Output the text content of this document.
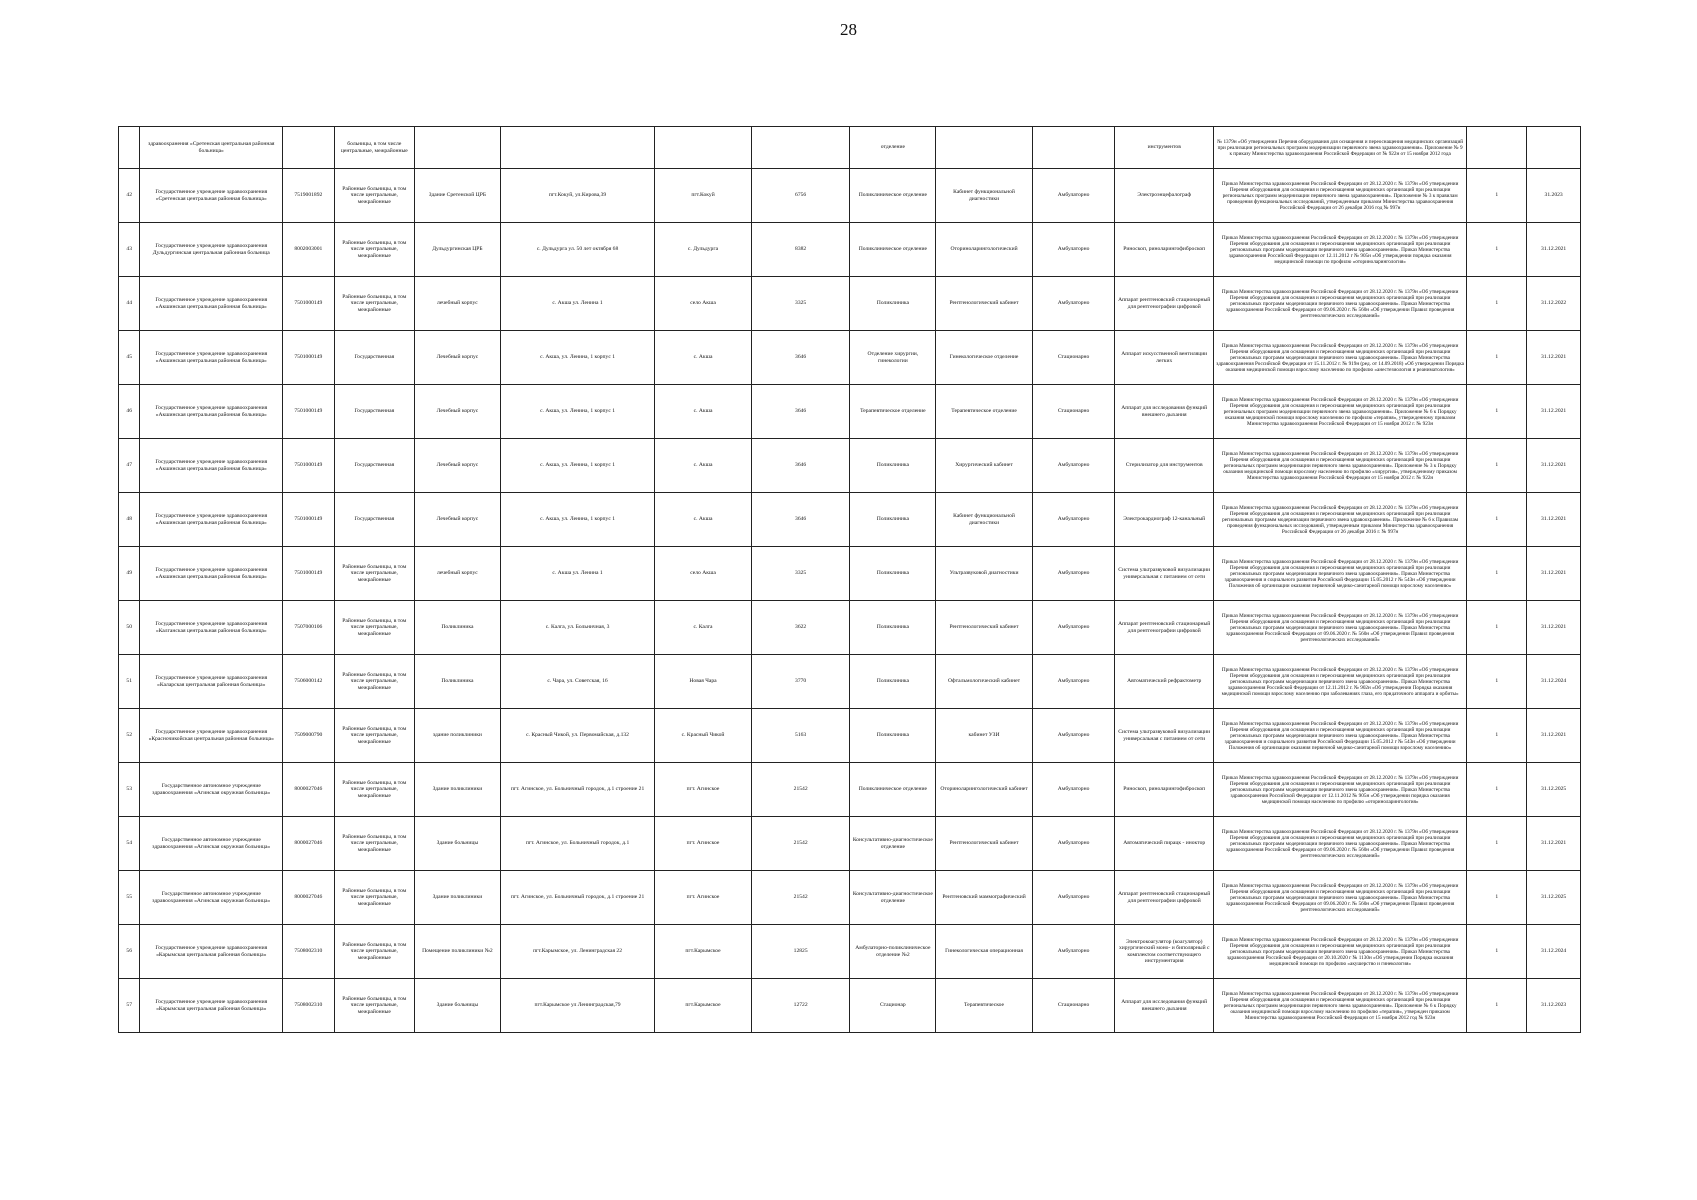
28
	здравоохранения «Сретенская центральная районная больница»		больницы, в том числе центральные, межрайонные					отделение			инструментов	№ 1379н «Об утверждении Перечня оборудования для оснащения и переоснащения медицинских организаций при реализации региональных программ модернизации первичного звена здравоохранения». Приложение № 9 к приказу Министерства здравоохранения Российской Федерации от № 922н от 15 ноября 2012 года		
42	Государственное учреждение здравоохранения «Сретенская центральная районная больница»	7519001892	Районные больницы, в том числе центральные, межрайонные	Здание Сретенской ЦРБ	пгт.Кокуй, ул.Кирова,39	пгт.Кокуй	6756	Поликлиническое отделение	Кабинет функциональной диагностики	Амбулаторно	Электроэнцефалограф	Приказ Министерства здравоохранения Российской Федерации от 28.12.2020 г. № 1379н «Об утверждении Перечня оборудования для оснащения и переоснащения медицинских организаций при реализации региональных программ модернизации первичного звена здравоохранения». Приложение № 3 к правилам проведения функциональных исследований, утвержденным приказом Министерства здравоохранения Российской Федерации от 26 декабря 2016 год № 997н	1	31.2023
43	Государственное учреждение здравоохранения Дульдургинская центральная районная больница	8002003001	Районные больницы, в том числе центральные, межрайонные	Дульдургинская ЦРБ	с. Дульдурга ул. 50 лет октября 68	с. Дульдурга	8382	Поликлиническое отделение	Оториноларингологический	Амбулаторно	Риноскоп, риноларингофиброскоп	Приказ Министерства здравоохранения Российской Федерации от 28.12.2020 г. № 1379н «Об утверждении Перечня оборудования для оснащения и переоснащения медицинских организаций при реализации региональных программ модернизации первичного звена здравоохранения». Приказ Министерства здравоохранения Российской Федерации от 12.11.2012 г № 905н «Об утверждении порядка оказания медицинской помощи по профилю «оториноларингология»	1	31.12.2021
44	Государственное учреждение здравоохранения «Акшинская центральная районная больница»	7501000149	Районные больницы, в том числе центральные, межрайонные	лечебный корпус	с. Акша ул. Ленина 1	село Акша	3325	Поликлиника	Рентгенологический кабинет	Амбулаторно	Аппарат рентгеновский стационарный для рентгенографии цифровой	Приказ Министерства здравоохранения Российской Федерации от 28.12.2020 г. № 1379н «Об утверждении Перечня оборудования для оснащения и переоснащения медицинских организаций при реализации региональных программ модернизации первичного звена здравоохранения». Приказ Министерства здравоохранения Российской Федерации от 09.06.2020 г. № 560н «Об утверждении Правил проведения рентгенологических исследований»	1	31.12.2022
45	Государственное учреждение здравоохранения «Акшинская центральная районная больница»	7501000149	Государственная	Лечебный корпус	с. Акша, ул. Ленина, 1 корпус 1	с. Акша	3646	Отделение хирургии, гинекологии	Гинекологическое отделение	Стационарно	Аппарат искусственной вентиляции легких	Приказ Министерства здравоохранения Российской Федерации от 28.12.2020 г. № 1379н «Об утверждении Перечня оборудования для оснащения и переоснащения медицинских организаций при реализации региональных программ модернизации первичного звена здравоохранения». Приказ Министерства здравоохранения Российской Федерации от 15.11.2012 г. № 919н (ред. от 14.09.2018) «Об утверждении Порядка оказания медицинской помощи взрослому населению по профилю «анестезиология и реаниматология»	1	31.12.2021
46	Государственное учреждение здравоохранения «Акшинская центральная районная больница»	7501000149	Государственная	Лечебный корпус	с. Акша, ул. Ленина, 1 корпус 1	с. Акша	3646	Терапевтическое отделение	Терапевтическое отделение	Стационарно	Аппарат для исследования функций внешнего дыхания	Приказ Министерства здравоохранения Российской Федерации от 28.12.2020 г. № 1379н «Об утверждении Перечня оборудования для оснащения и переоснащения медицинских организаций при реализации региональных программ модернизации первичного звена здравоохранения». Приложение № 6 к Порядку оказания медицинской помощи взрослому населению по профилю «терапия», утвержденному приказом Министерства здравоохранения Российской Федерации от 15 ноября 2012 г. № 923н	1	31.12.2021
47	Государственное учреждение здравоохранения «Акшинская центральная районная больница»	7501000149	Государственная	Лечебный корпус	с. Акша, ул. Ленина, 1 корпус 1	с. Акша	3646	Поликлиника	Хирургический кабинет	Амбулаторно	Стерилизатор для инструментов	Приказ Министерства здравоохранения Российской Федерации от 28.12.2020 г. № 1379н «Об утверждении Перечня оборудования для оснащения и переоснащения медицинских организаций при реализации региональных программ модернизации первичного звена здравоохранения». Приложение № 3 к Порядку оказания медицинской помощи взрослому населению по профилю «хирургия», утвержденному приказом Министерства здравоохранения Российской Федерации от 15 ноября 2012 г. № 922н	1	31.12.2021
48	Государственное учреждение здравоохранения «Акшинская центральная районная больница»	7501000149	Государственная	Лечебный корпус	с. Акша, ул. Ленина, 1 корпус 1	с. Акша	3646	Поликлиника	Кабинет функциональной диагностики	Амбулаторно	Электрокардиограф 12-канальный	Приказ Министерства здравоохранения Российской Федерации от 28.12.2020 г. № 1379н «Об утверждении Перечня оборудования для оснащения и переоснащения медицинских организаций при реализации региональных программ модернизации первичного звена здравоохранения». Приложение № 6 к Правилам проведения функциональных исследований, утвержденным приказом Министерства здравоохранения Российской Федерации от 26 декабря 2016 г. № 997н	1	31.12.2021
49	Государственное учреждение здравоохранения «Акшинская центральная районная больница»	7501000149	Районные больницы, в том числе центральные, межрайонные	лечебный корпус	с. Акша ул. Ленина 1	село Акша	3325	Поликлиника	Ультразвуковой диагностики	Амбулаторно	Система ультразвуковой визуализации универсальная с питанием от сети	Приказ Министерства здравоохранения Российской Федерации от 28.12.2020 г. № 1379н «Об утверждении Перечня оборудования для оснащения и переоснащения медицинских организаций при реализации региональных программ модернизации первичного звена здравоохранения». Приказ Министерства здравоохранения и социального развития Российской Федерации 15.05.2012 г № 543н «Об утверждении Положения об организации оказания первичной медико-санитарной помощи взрослому населению»	1	31.12.2021
50	Государственное учреждение здравоохранения «Калганская центральная районная больница»	7507000106	Районные больницы, в том числе центральные, межрайонные	Поликлиника	с. Калга, ул. Больничная, 3	с. Калга	3622	Поликлиника	Рентгенологический кабинет	Амбулаторно	Аппарат рентгеновский стационарный для рентгенографии цифровой	Приказ Министерства здравоохранения Российской Федерации от 28.12.2020 г. № 1379н «Об утверждении Перечня оборудования для оснащения и переоснащения медицинских организаций при реализации региональных программ модернизации первичного звена здравоохранения». Приказ Министерства здравоохранения Российской Федерации от 09.06.2020 г. № 560н «Об утверждении Правил проведения рентгенологических исследований»	1	31.12.2021
51	Государственное учреждение здравоохранения «Каларская центральная районная больница»	7506000142	Районные больницы, в том числе центральные, межрайонные	Поликлиника	с. Чара, ул. Советская, 16	Новая Чара	3770	Поликлиника	Офтальмологический кабинет	Амбулаторно	Автоматический рефрактометр	Приказ Министерства здравоохранения Российской Федерации от 28.12.2020 г. № 1379н «Об утверждении Перечня оборудования для оснащения и переоснащения медицинских организаций при реализации региональных программ модернизации первичного звена здравоохранения». Приказ Министерства здравоохранения Российской Федерации от 12.11.2012 г. № 902н «Об утверждении Порядка оказания медицинской помощи взрослому населению при заболеваниях глаза, его придаточного аппарата и орбиты»	1	31.12.2024
52	Государственное учреждение здравоохранения «Красночикойская центральная районная больница»	7509000790	Районные больницы, в том числе центральные, межрайонные	здание поликлиники	с. Красный Чикой, ул. Первомайская, д.132	с. Красный Чикой	5163	Поликлиника	кабинет УЗИ	Амбулаторно	Система ультразвуковой визуализации универсальная с питанием от сети	Приказ Министерства здравоохранения Российской Федерации от 28.12.2020 г. № 1379н «Об утверждении Перечня оборудования для оснащения и переоснащения медицинских организаций при реализации региональных программ модернизации первичного звена здравоохранения». Приказ Министерства здравоохранения и социального развития Российской Федерации 15.05.2012 г № 543н «Об утверждении Положения об организации оказания первичной медико-санитарной помощи взрослому населению»	1	31.12.2021
53	Государственное автономное учреждение здравоохранения «Агинская окружная больница»	8000027046	Районные больницы, в том числе центральные, межрайонные	Здание поликлиники	пгт. Агинское, ул. Больничный городок, д.1 строение 21	пгт. Агинское	21542	Поликлиническое отделение	Оториноларингологический кабинет	Амбулаторно	Риноскоп, риноларингофиброскоп	Приказ Министерства здравоохранения Российской Федерации от 28.12.2020 г. № 1379н «Об утверждении Перечня оборудования для оснащения и переоснащения медицинских организаций при реализации региональных программ модернизации первичного звена здравоохранения». Приказ Министерства здравоохранения Российской Федерации от 12.11.2012 № 905н «Об утверждении порядка оказания медицинской помощи населению по профилю «оториноларингология»	1	31.12.2025
54	Государственное автономное учреждение здравоохранения «Агинская окружная больница»	8000027046	Районные больницы, в том числе центральные, межрайонные	Здание больницы	пгт. Агинское, ул. Больничный городок, д.1	пгт. Агинское	21542	Консультативно-диагностическое отделение	Рентгенологический кабинет	Амбулаторно	Автоматический пирацк - иноктор	Приказ Министерства здравоохранения Российской Федерации от 28.12.2020 г. № 1379н «Об утверждении Перечня оборудования для оснащения и переоснащения медицинских организаций при реализации региональных программ модернизации первичного звена здравоохранения». Приказ Министерства здравоохранения Российской Федерации от 09.06.2020 г. № 560н «Об утверждении Правил проведения рентгенологических исследований»	1	31.12.2021
55	Государственное автономное учреждение здравоохранения «Агинская окружная больница»	8000027046	Районные больницы, в том числе центральные, межрайонные	Здание поликлиники	пгт. Агинское, ул. Больничный городок, д.1 строение 21	пгт. Агинское	21542	Консультативно-диагностическое отделение	Рентгеновский маммографический	Амбулаторно	Аппарат рентгеновский стационарный для рентгенографии цифровой	Приказ Министерства здравоохранения Российской Федерации от 28.12.2020 г. № 1379н «Об утверждении Перечня оборудования для оснащения и переоснащения медицинских организаций при реализации региональных программ модернизации первичного звена здравоохранения». Приказ Министерства здравоохранения Российской Федерации от 09.06.2020 г. № 560н «Об утверждении Правил проведения рентгенологических исследований»	1	31.12.2025
56	Государственное учреждение здравоохранения «Карымская центральная районная больница»	7508002310	Районные больницы, в том числе центральные, межрайонные	Помещение поликлиники №2	пгт.Карымское, ул. Ленинградская 22	пгт.Карымское	12825	Амбулаторно-поликлиническое отделение №2	Гинекологическая операционная	Амбулаторно	Электрокоагулятор (коагулятор) хирургический моно- и биполярный с комплектом соответствующего инструментария	Приказ Министерства здравоохранения Российской Федерации от 28.12.2020 г. № 1379н «Об утверждении Перечня оборудования для оснащения и переоснащения медицинских организаций при реализации региональных программ модернизации первичного звена здравоохранения». Приказ Министерства здравоохранения Российской Федерации от 20.10.2020 г № 1130н «Об утверждении Порядка оказания медицинской помощи по профилю «акушерство и гинекология»	1	31.12.2024
57	Государственное учреждение здравоохранения «Карымская центральная районная больница»	7508002310	Районные больницы, в том числе центральные, межрайонные	Здание больницы	пгт.Карымское ул Ленинградская,79	пгт.Карымское	12722	Стационар	Терапевтическое	Стационарно	Аппарат для исследования функций внешнего дыхания	Приказ Министерства здравоохранения Российской Федерации от 28.12.2020 г. № 1379н «Об утверждении Перечня оборудования для оснащения и переоснащения медицинских организаций при реализации региональных программ модернизации первичного звена здравоохранения». Приложение № 6 к Порядку оказания медицинской помощи взрослому населению по профилю «терапия», утвержден приказом Министерства здравоохранения Российской Федерации от 15 ноября 2012 год № 923н	1	31.12.2023
